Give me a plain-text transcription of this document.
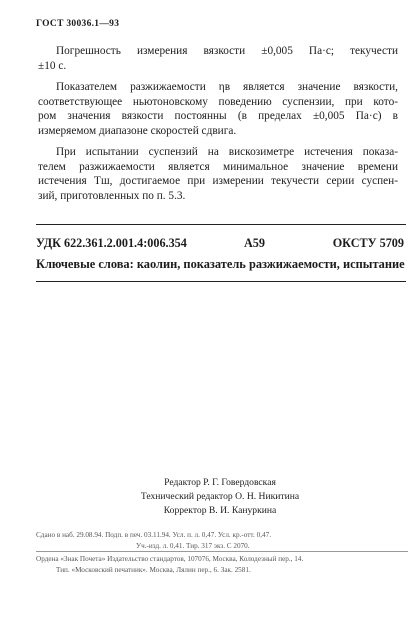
ГОСТ 30036.1—93
Погрешность измерения вязкости ±0,005 Па·с; текучести
±10 с.
Показателем разжижаемости ηв является значение вязкости,
соответствующее ньютоновскому поведению суспензии, при кото-
ром значения вязкости постоянны (в пределах ±0,005 Па·с) в
измеряемом диапазоне скоростей сдвига.
При испытании суспензий на вискозиметре истечения показа-
телем разжижаемости является минимальное значение времени
истечения Тш, достигаемое при измерении текучести серии суспен-
зий, приготовленных по п. 5.3.
УДК 622.361.2.001.4:006.354	А59	ОКСТУ 5709
Ключевые слова: каолин, показатель разжижаемости, испытание
Редактор Р. Г. Говердовская
Технический редактор О. Н. Никитина
Корректор В. И. Кануркина
Сдано в наб. 29.08.94. Подп. в печ. 03.11.94. Усл. п. л. 0,47. Усл. кр.-отт. 0,47.
Уч.-изд. л. 0,41. Тир. 317 экз. С 2070.
Ордена «Знак Почета» Издательство стандартов, 107076, Москва, Колодезный пер., 14.
Тип. «Московский печатник». Москва, Лялин пер., 6. Зак. 2581.
